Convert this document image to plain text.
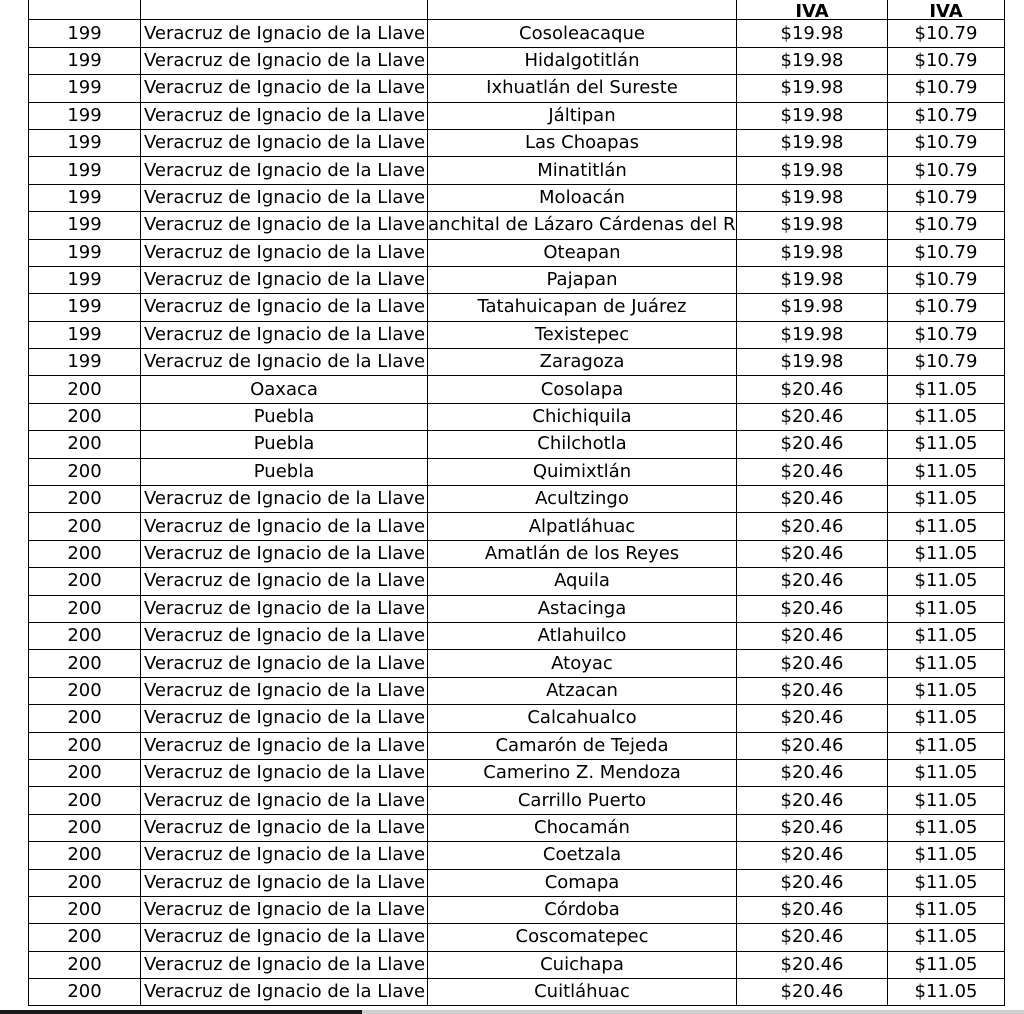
			IVA	IVA
199	Veracruz de Ignacio de la Llave	Cosoleacaque	$19.98	$10.79
199	Veracruz de Ignacio de la Llave	Hidalgotitlán	$19.98	$10.79
199	Veracruz de Ignacio de la Llave	Ixhuatlán del Sureste	$19.98	$10.79
199	Veracruz de Ignacio de la Llave	Jáltipan	$19.98	$10.79
199	Veracruz de Ignacio de la Llave	Las Choapas	$19.98	$10.79
199	Veracruz de Ignacio de la Llave	Minatitlán	$19.98	$10.79
199	Veracruz de Ignacio de la Llave	Moloacán	$19.98	$10.79
199	Veracruz de Ignacio de la Llave	anchital de Lázaro Cárdenas del R	$19.98	$10.79
199	Veracruz de Ignacio de la Llave	Oteapan	$19.98	$10.79
199	Veracruz de Ignacio de la Llave	Pajapan	$19.98	$10.79
199	Veracruz de Ignacio de la Llave	Tatahuicapan de Juárez	$19.98	$10.79
199	Veracruz de Ignacio de la Llave	Texistepec	$19.98	$10.79
199	Veracruz de Ignacio de la Llave	Zaragoza	$19.98	$10.79
200	Oaxaca	Cosolapa	$20.46	$11.05
200	Puebla	Chichiquila	$20.46	$11.05
200	Puebla	Chilchotla	$20.46	$11.05
200	Puebla	Quimixtlán	$20.46	$11.05
200	Veracruz de Ignacio de la Llave	Acultzingo	$20.46	$11.05
200	Veracruz de Ignacio de la Llave	Alpatláhuac	$20.46	$11.05
200	Veracruz de Ignacio de la Llave	Amatlán de los Reyes	$20.46	$11.05
200	Veracruz de Ignacio de la Llave	Aquila	$20.46	$11.05
200	Veracruz de Ignacio de la Llave	Astacinga	$20.46	$11.05
200	Veracruz de Ignacio de la Llave	Atlahuilco	$20.46	$11.05
200	Veracruz de Ignacio de la Llave	Atoyac	$20.46	$11.05
200	Veracruz de Ignacio de la Llave	Atzacan	$20.46	$11.05
200	Veracruz de Ignacio de la Llave	Calcahualco	$20.46	$11.05
200	Veracruz de Ignacio de la Llave	Camarón de Tejeda	$20.46	$11.05
200	Veracruz de Ignacio de la Llave	Camerino Z. Mendoza	$20.46	$11.05
200	Veracruz de Ignacio de la Llave	Carrillo Puerto	$20.46	$11.05
200	Veracruz de Ignacio de la Llave	Chocamán	$20.46	$11.05
200	Veracruz de Ignacio de la Llave	Coetzala	$20.46	$11.05
200	Veracruz de Ignacio de la Llave	Comapa	$20.46	$11.05
200	Veracruz de Ignacio de la Llave	Córdoba	$20.46	$11.05
200	Veracruz de Ignacio de la Llave	Coscomatepec	$20.46	$11.05
200	Veracruz de Ignacio de la Llave	Cuichapa	$20.46	$11.05
200	Veracruz de Ignacio de la Llave	Cuitláhuac	$20.46	$11.05
